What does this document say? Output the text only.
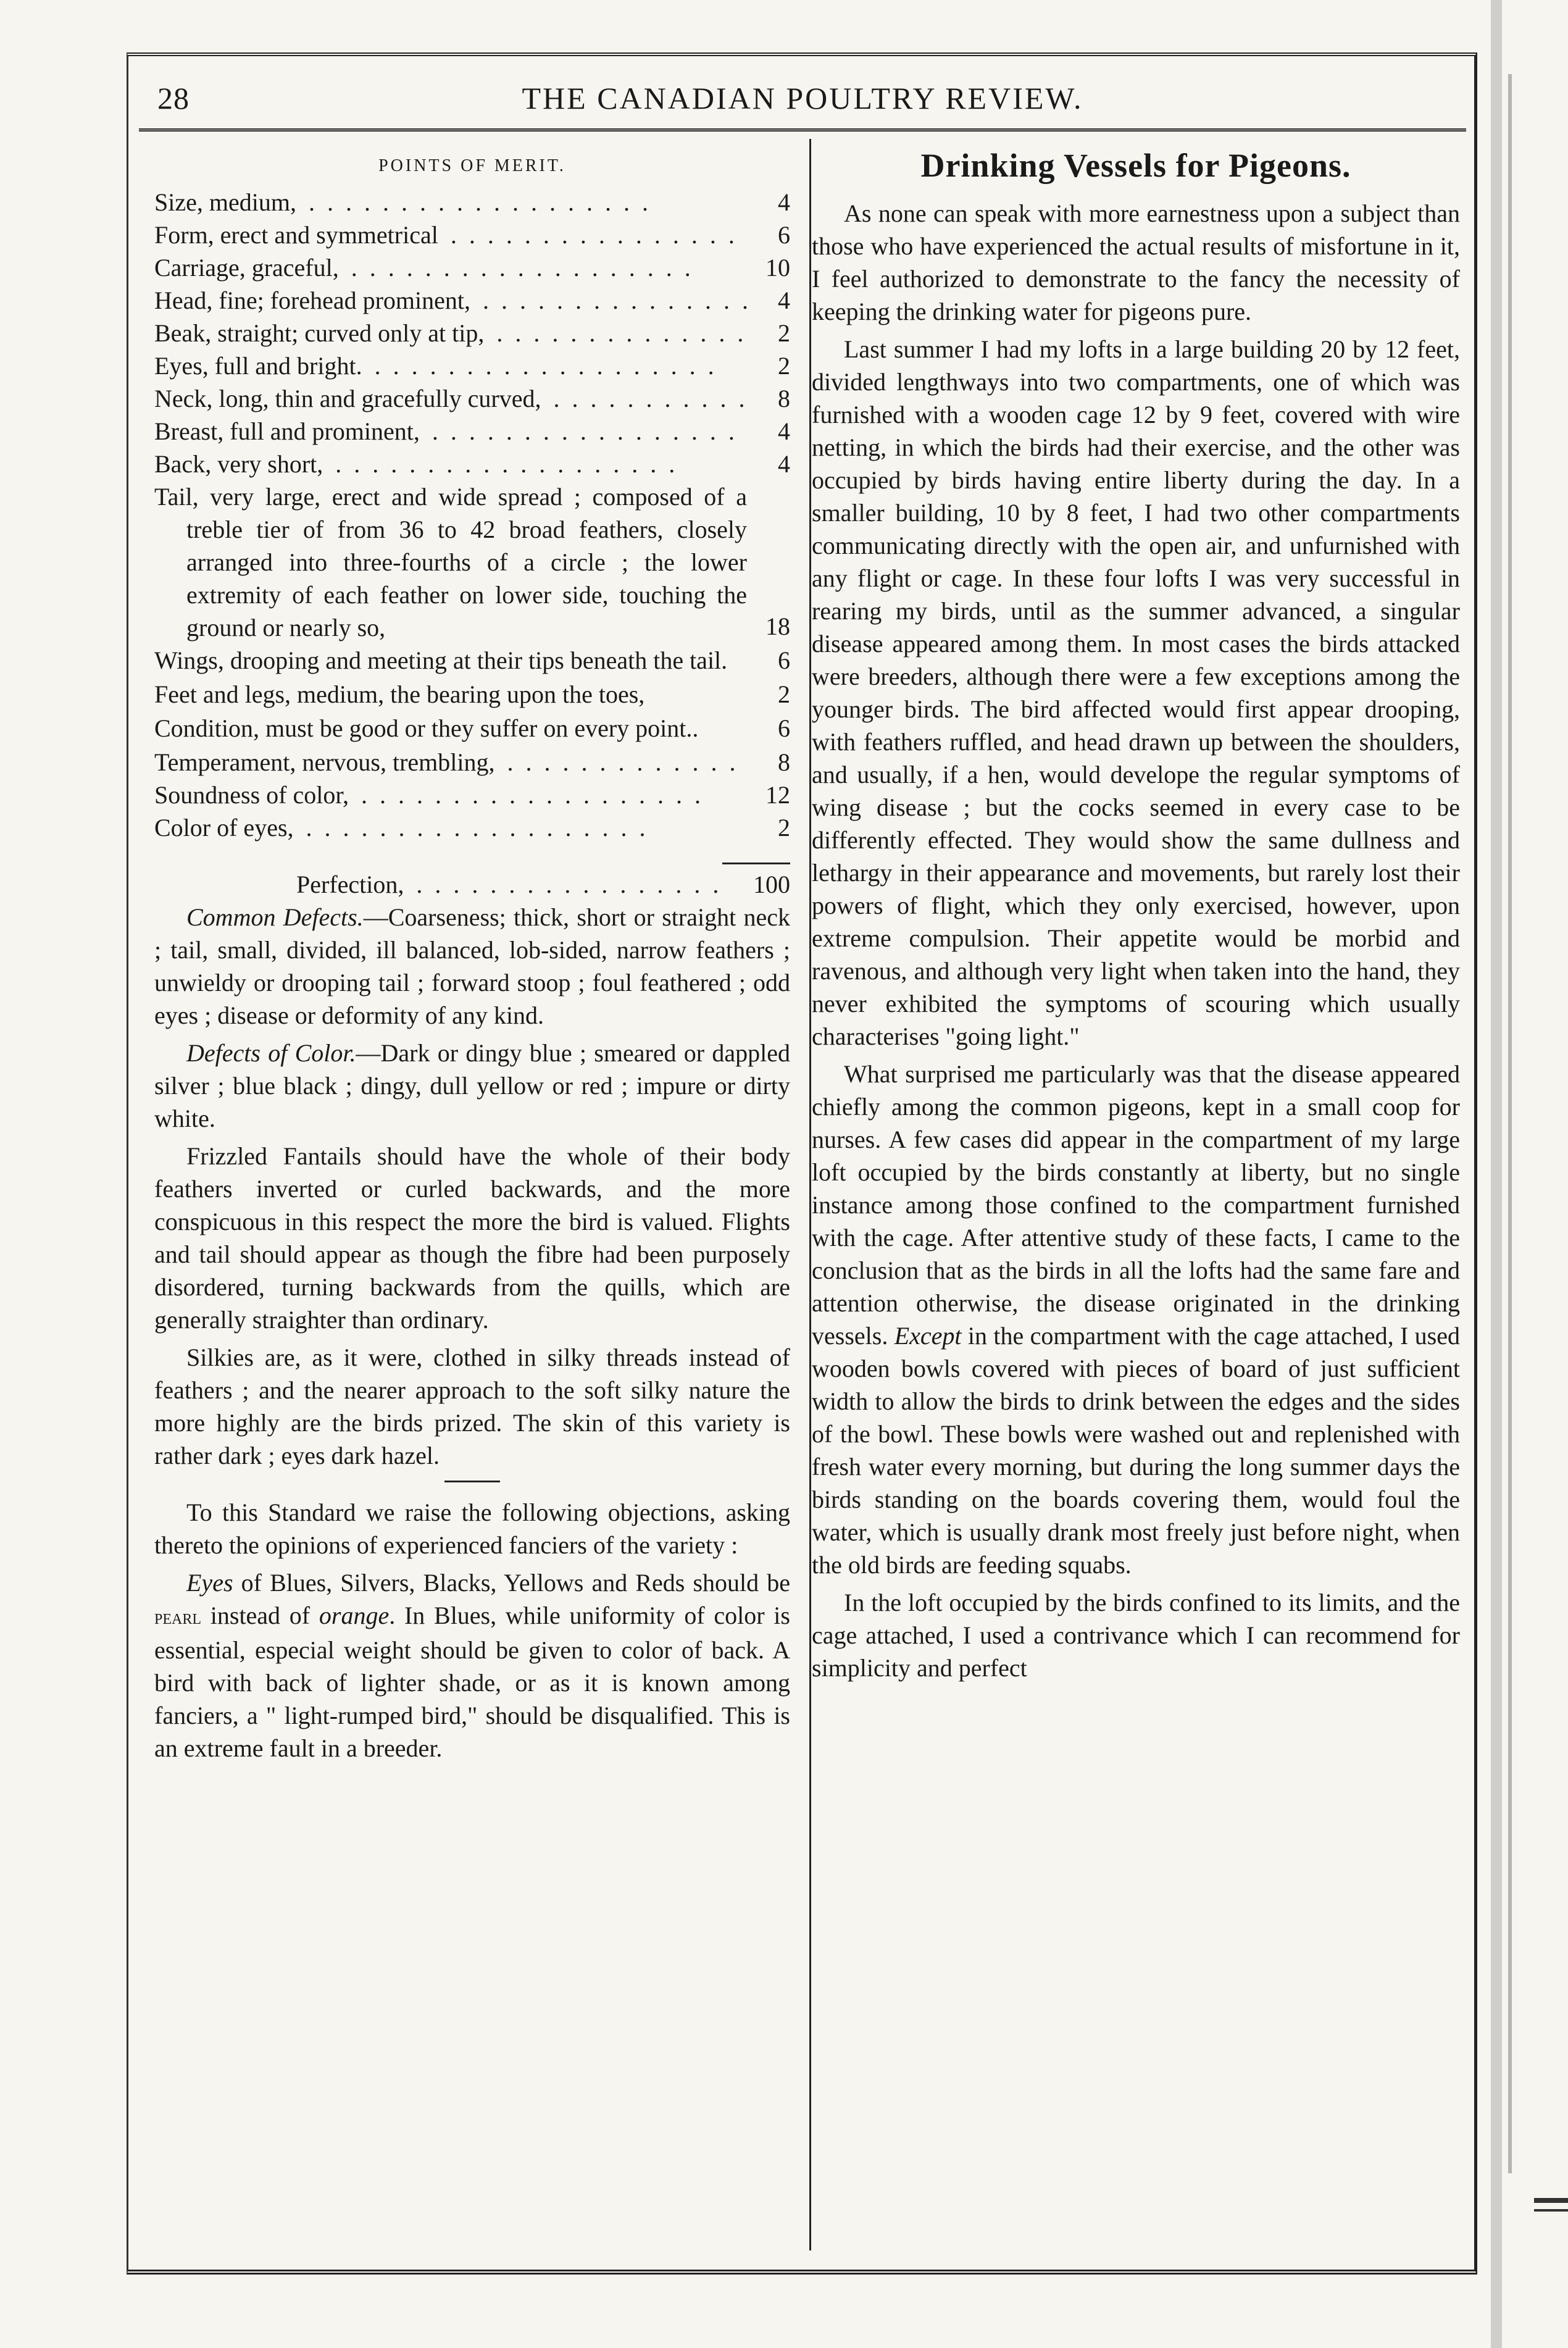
28	THE CANADIAN POULTRY REVIEW.
POINTS OF MERIT.
Size, medium, . .	4
Form, erect and symmetrical . .	6
Carriage, graceful, . .	10
Head, fine; forehead prominent, . .	4
Beak, straight; curved only at tip, . .	2
Eyes, full and bright. . .	2
Neck, long, thin and gracefully curved, . .	8
Breast, full and prominent, . .	4
Back, very short, . .	4
Tail, very large, erect and wide spread ; composed of a treble tier of from 36 to 42 broad feathers, closely arranged into three-fourths of a circle ; the lower extremity of each feather on lower side, touching the ground or nearly so,	18
Wings, drooping and meeting at their tips beneath the tail.	6
Feet and legs, medium, the bearing upon the toes,	2
Condition, must be good or they suffer on every point..	6
Temperament, nervous, trembling, . .	8
Soundness of color, . .	12
Color of eyes, . .	2
Perfection, . .	100

Common Defects.—Coarseness; thick, short or straight neck ; tail, small, divided, ill balanced, lob-sided, narrow feathers ; unwieldy or drooping tail ; forward stoop ; foul feathered ; odd eyes ; disease or deformity of any kind.

Defects of Color.—Dark or dingy blue ; smeared or dappled silver ; blue black ; dingy, dull yellow or red ; impure or dirty white.

Frizzled Fantails should have the whole of their body feathers inverted or curled backwards, and the more conspicuous in this respect the more the bird is valued. Flights and tail should appear as though the fibre had been purposely disordered, turning backwards from the quills, which are generally straighter than ordinary.

Silkies are, as it were, clothed in silky threads instead of feathers ; and the nearer approach to the soft silky nature the more highly are the birds prized. The skin of this variety is rather dark ; eyes dark hazel.

To this Standard we raise the following objections, asking thereto the opinions of experienced fanciers of the variety :

Eyes of Blues, Silvers, Blacks, Yellows and Reds should be pearl instead of orange. In Blues, while uniformity of color is essential, especial weight should be given to color of back. A bird with back of lighter shade, or as it is known among fanciers, a " light-rumped bird," should be disqualified. This is an extreme fault in a breeder.

Drinking Vessels for Pigeons.

As none can speak with more earnestness upon a subject than those who have experienced the actual results of misfortune in it, I feel authorized to demonstrate to the fancy the necessity of keeping the drinking water for pigeons pure.

Last summer I had my lofts in a large building 20 by 12 feet, divided lengthways into two compartments, one of which was furnished with a wooden cage 12 by 9 feet, covered with wire netting, in which the birds had their exercise, and the other was occupied by birds having entire liberty during the day. In a smaller building, 10 by 8 feet, I had two other compartments communicating directly with the open air, and unfurnished with any flight or cage. In these four lofts I was very successful in rearing my birds, until as the summer advanced, a singular disease appeared among them. In most cases the birds attacked were breeders, although there were a few exceptions among the younger birds. The bird affected would first appear drooping, with feathers ruffled, and head drawn up between the shoulders, and usually, if a hen, would develope the regular symptoms of wing disease ; but the cocks seemed in every case to be differently effected. They would show the same dullness and lethargy in their appearance and movements, but rarely lost their powers of flight, which they only exercised, however, upon extreme compulsion. Their appetite would be morbid and ravenous, and although very light when taken into the hand, they never exhibited the symptoms of scouring which usually characterises "going light."

What surprised me particularly was that the disease appeared chiefly among the common pigeons, kept in a small coop for nurses. A few cases did appear in the compartment of my large loft occupied by the birds constantly at liberty, but no single instance among those confined to the compartment furnished with the cage. After attentive study of these facts, I came to the conclusion that as the birds in all the lofts had the same fare and attention otherwise, the disease originated in the drinking vessels. Except in the compartment with the cage attached, I used wooden bowls covered with pieces of board of just sufficient width to allow the birds to drink between the edges and the sides of the bowl. These bowls were washed out and replenished with fresh water every morning, but during the long summer days the birds standing on the boards covering them, would foul the water, which is usually drank most freely just before night, when the old birds are feeding squabs.

In the loft occupied by the birds confined to its limits, and the cage attached, I used a contrivance which I can recommend for simplicity and perfect
